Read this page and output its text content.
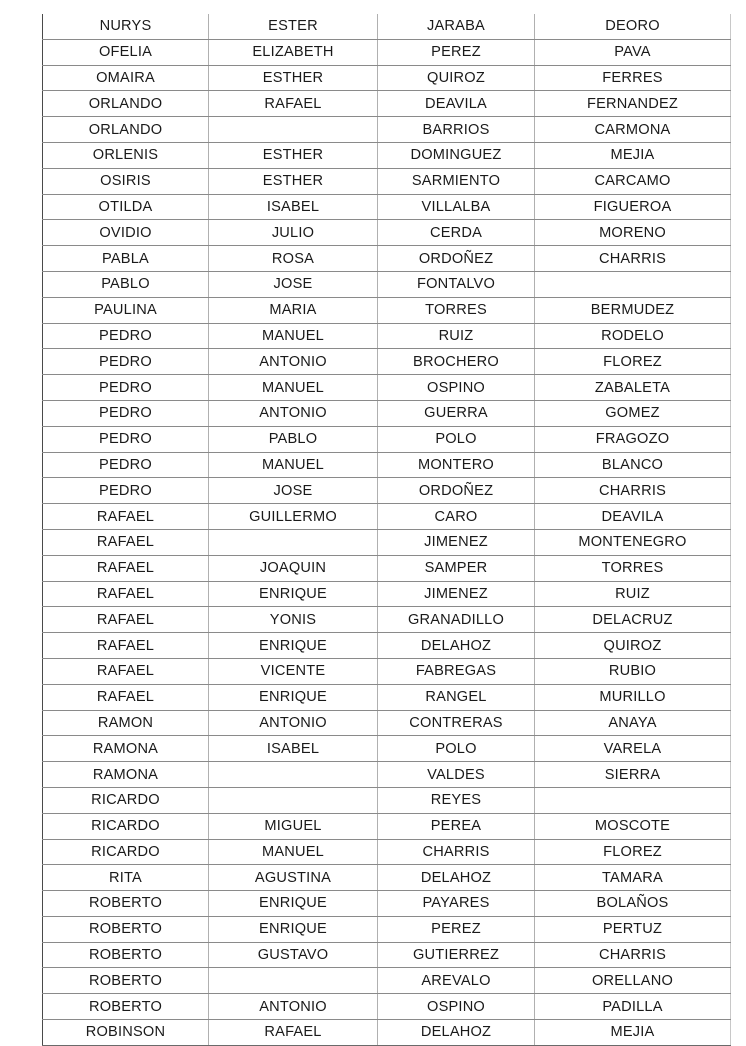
NURYS	ESTER	JARABA	DEORO
OFELIA	ELIZABETH	PEREZ	PAVA
OMAIRA	ESTHER	QUIROZ	FERRES
ORLANDO	RAFAEL	DEAVILA	FERNANDEZ
ORLANDO		BARRIOS	CARMONA
ORLENIS	ESTHER	DOMINGUEZ	MEJIA
OSIRIS	ESTHER	SARMIENTO	CARCAMO
OTILDA	ISABEL	VILLALBA	FIGUEROA
OVIDIO	JULIO	CERDA	MORENO
PABLA	ROSA	ORDOÑEZ	CHARRIS
PABLO	JOSE	FONTALVO	
PAULINA	MARIA	TORRES	BERMUDEZ
PEDRO	MANUEL	RUIZ	RODELO
PEDRO	ANTONIO	BROCHERO	FLOREZ
PEDRO	MANUEL	OSPINO	ZABALETA
PEDRO	ANTONIO	GUERRA	GOMEZ
PEDRO	PABLO	POLO	FRAGOZO
PEDRO	MANUEL	MONTERO	BLANCO
PEDRO	JOSE	ORDOÑEZ	CHARRIS
RAFAEL	GUILLERMO	CARO	DEAVILA
RAFAEL		JIMENEZ	MONTENEGRO
RAFAEL	JOAQUIN	SAMPER	TORRES
RAFAEL	ENRIQUE	JIMENEZ	RUIZ
RAFAEL	YONIS	GRANADILLO	DELACRUZ
RAFAEL	ENRIQUE	DELAHOZ	QUIROZ
RAFAEL	VICENTE	FABREGAS	RUBIO
RAFAEL	ENRIQUE	RANGEL	MURILLO
RAMON	ANTONIO	CONTRERAS	ANAYA
RAMONA	ISABEL	POLO	VARELA
RAMONA		VALDES	SIERRA
RICARDO		REYES	
RICARDO	MIGUEL	PEREA	MOSCOTE
RICARDO	MANUEL	CHARRIS	FLOREZ
RITA	AGUSTINA	DELAHOZ	TAMARA
ROBERTO	ENRIQUE	PAYARES	BOLAÑOS
ROBERTO	ENRIQUE	PEREZ	PERTUZ
ROBERTO	GUSTAVO	GUTIERREZ	CHARRIS
ROBERTO		AREVALO	ORELLANO
ROBERTO	ANTONIO	OSPINO	PADILLA
ROBINSON	RAFAEL	DELAHOZ	MEJIA
